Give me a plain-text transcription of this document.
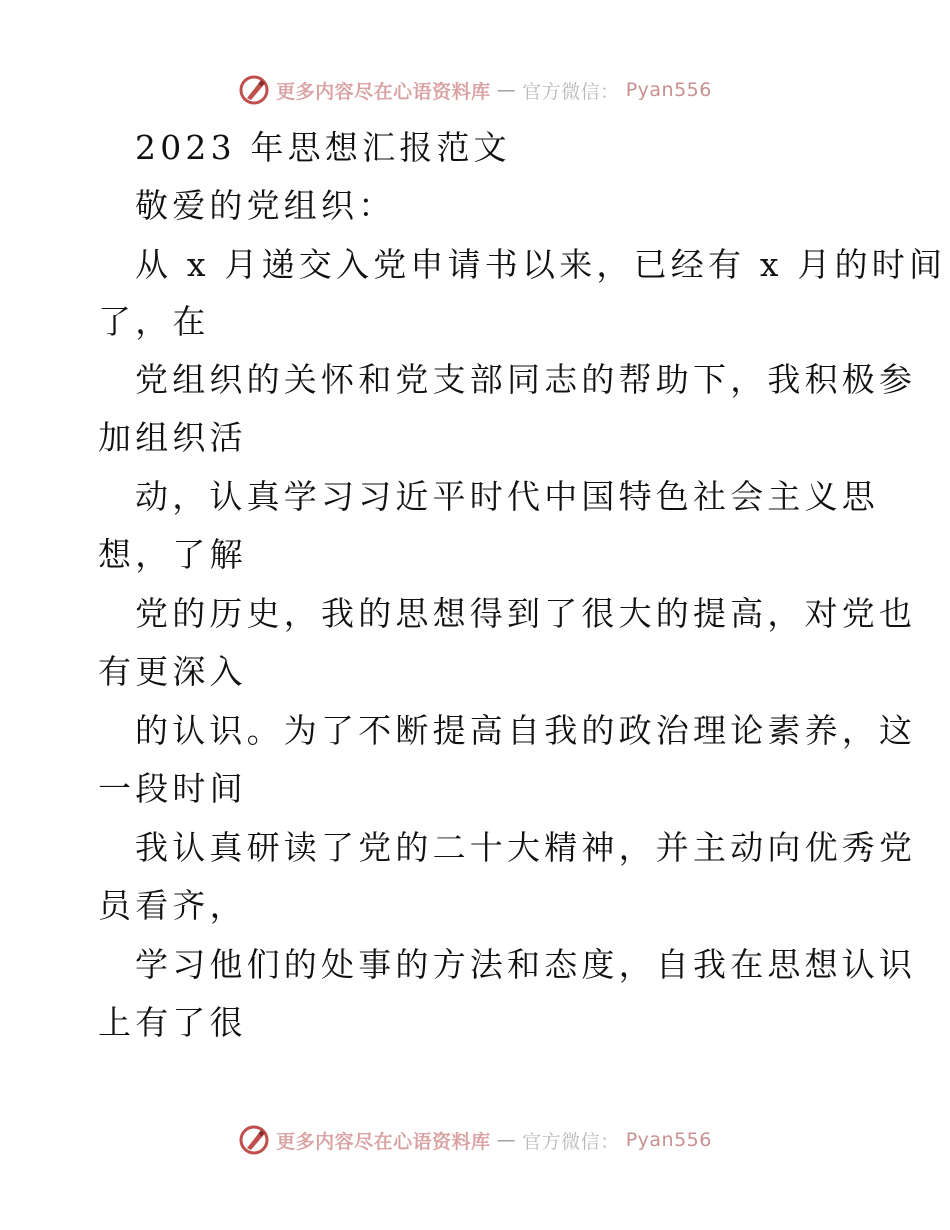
更多内容尽在心语资料库 — 官方微信： Pyan556
2023 年思想汇报范文
敬爱的党组织：
从 x 月递交入党申请书以来，已经有 x 月的时间
了，在
党组织的关怀和党支部同志的帮助下，我积极参
加组织活
动，认真学习习近平时代中国特色社会主义思
想，了解
党的历史，我的思想得到了很大的提高，对党也
有更深入
的认识。为了不断提高自我的政治理论素养，这
一段时间
我认真研读了党的二十大精神，并主动向优秀党
员看齐，
学习他们的处事的方法和态度，自我在思想认识
上有了很
更多内容尽在心语资料库 — 官方微信： Pyan556
